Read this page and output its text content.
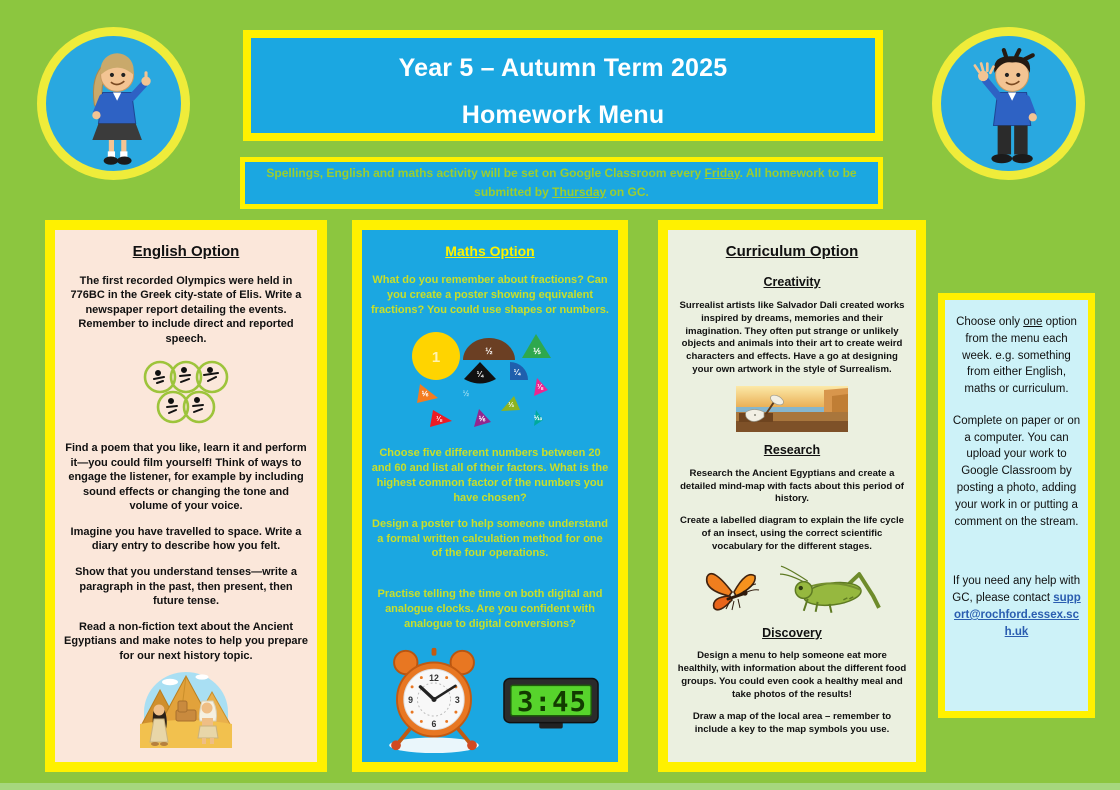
Year 5 – Autumn Term 2025
Homework Menu
Spellings, English and maths activity will be set on Google Classroom every Friday. All homework to be submitted by Thursday on GC.
English Option

The first recorded Olympics were held in 776BC in the Greek city-state of Elis. Write a newspaper report detailing the events. Remember to include direct and reported speech.

Find a poem that you like, learn it and perform it—you could film yourself! Think of ways to engage the listener, for example by including sound effects or changing the tone and volume of your voice.

Imagine you have travelled to space. Write a diary entry to describe how you felt.

Show that you understand tenses—write a paragraph in the past, then present, then future tense.

Read a non-fiction text about the Ancient Egyptians and make notes to help you prepare for our next history topic.

Maths Option

What do you remember about fractions? Can you create a poster showing equivalent fractions? You could use shapes or numbers.

1	½	⅕
¼	¼
⅙
⅛
½
⅙
⅓
⅛
⅒

Choose five different numbers between 20 and 60 and list all of their factors. What is the highest common factor of the numbers you have chosen?

Design a poster to help someone understand a formal written calculation method for one of the four operations.

Practise telling the time on both digital and analogue clocks. Are you confident with analogue to digital conversions?

12
3
6
9	3:45
Curriculum Option
Creativity

Surrealist artists like Salvador Dali created works inspired by dreams, memories and their imagination. They often put strange or unlikely objects and animals into their art to create weird characters and effects. Have a go at designing your own artwork in the style of Surrealism.

Research

Research the Ancient Egyptians and create a detailed mind-map with facts about this period of history.

Create a labelled diagram to explain the life cycle of an insect, using the correct scientific vocabulary for the different stages.

Discovery

Design a menu to help someone eat more healthily, with information about the different food groups. You could even cook a healthy meal and take photos of the results!

Draw a map of the local area – remember to include a key to the map symbols you use.

Choose only one option from the menu each week. e.g. something from either English, maths or curriculum.

Complete on paper or on a computer. You can upload your work to Google Classroom by posting a photo, adding your work in or putting a comment on the stream.

If you need any help with GC, please contact support@rochford.essex.sch.uk
